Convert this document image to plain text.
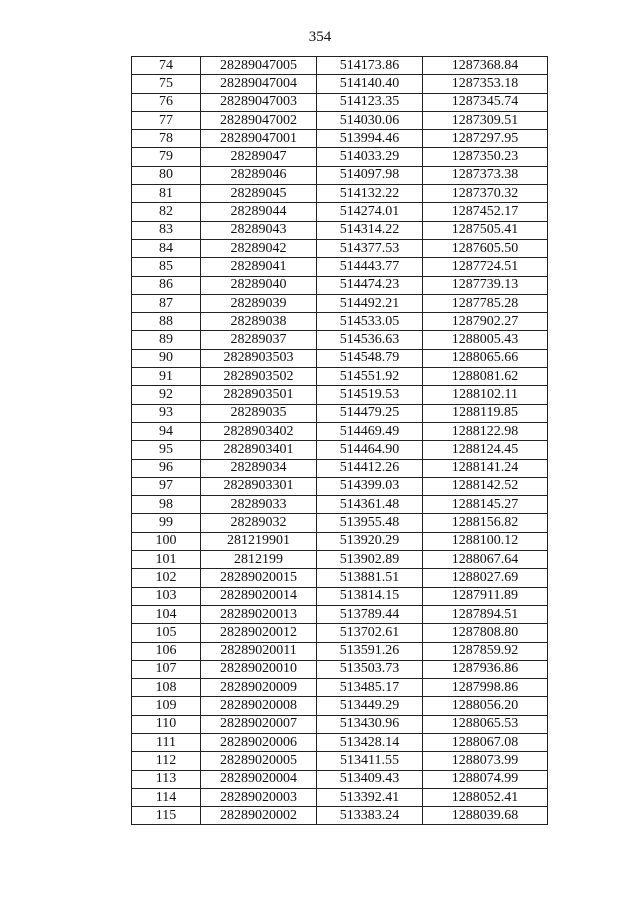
354
74	28289047005	514173.86	1287368.84
75	28289047004	514140.40	1287353.18
76	28289047003	514123.35	1287345.74
77	28289047002	514030.06	1287309.51
78	28289047001	513994.46	1287297.95
79	28289047	514033.29	1287350.23
80	28289046	514097.98	1287373.38
81	28289045	514132.22	1287370.32
82	28289044	514274.01	1287452.17
83	28289043	514314.22	1287505.41
84	28289042	514377.53	1287605.50
85	28289041	514443.77	1287724.51
86	28289040	514474.23	1287739.13
87	28289039	514492.21	1287785.28
88	28289038	514533.05	1287902.27
89	28289037	514536.63	1288005.43
90	2828903503	514548.79	1288065.66
91	2828903502	514551.92	1288081.62
92	2828903501	514519.53	1288102.11
93	28289035	514479.25	1288119.85
94	2828903402	514469.49	1288122.98
95	2828903401	514464.90	1288124.45
96	28289034	514412.26	1288141.24
97	2828903301	514399.03	1288142.52
98	28289033	514361.48	1288145.27
99	28289032	513955.48	1288156.82
100	281219901	513920.29	1288100.12
101	2812199	513902.89	1288067.64
102	28289020015	513881.51	1288027.69
103	28289020014	513814.15	1287911.89
104	28289020013	513789.44	1287894.51
105	28289020012	513702.61	1287808.80
106	28289020011	513591.26	1287859.92
107	28289020010	513503.73	1287936.86
108	28289020009	513485.17	1287998.86
109	28289020008	513449.29	1288056.20
110	28289020007	513430.96	1288065.53
111	28289020006	513428.14	1288067.08
112	28289020005	513411.55	1288073.99
113	28289020004	513409.43	1288074.99
114	28289020003	513392.41	1288052.41
115	28289020002	513383.24	1288039.68
